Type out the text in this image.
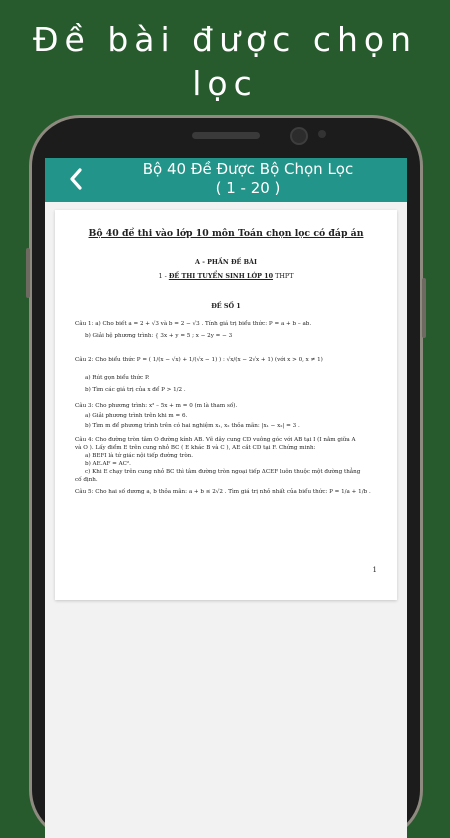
Đề bài được chọn
lọc
Bộ 40 Đề Được Bộ Chọn Lọc
( 1 - 20 )
Bộ 40 đề thi vào lớp 10 môn Toán chọn lọc có đáp án
A - PHẦN ĐỀ BÀI
1 - ĐỀ THI TUYỂN SINH LỚP 10 THPT
ĐỀ SỐ 1
Câu 1: a) Cho biết a = 2 + √3 và b = 2 − √3 . Tính giá trị biểu thức: P = a + b – ab.
b) Giải hệ phương trình: { 3x + y = 5 ; x − 2y = − 3
Câu 2: Cho biểu thức P = ( 1/(x − √x) + 1/(√x − 1) ) : √x/(x − 2√x + 1) (với x > 0, x ≠ 1)
a) Rút gọn biểu thức P.
b) Tìm các giá trị của x để P > 1/2 .
Câu 3: Cho phương trình: x² – 5x + m = 0 (m là tham số).
a) Giải phương trình trên khi m = 6.
b) Tìm m để phương trình trên có hai nghiệm x₁, x₂ thỏa mãn: |x₁ − x₂| = 3 .
Câu 4: Cho đường tròn tâm O đường kính AB. Vẽ dây cung CD vuông góc với AB tại I (I nằm giữa A
và O ). Lấy điểm E trên cung nhỏ BC ( E khác B và C ), AE cắt CD tại F. Chứng minh:
a) BEFI là tứ giác nội tiếp đường tròn.
b) AE.AF = AC².
c) Khi E chạy trên cung nhỏ BC thì tâm đường tròn ngoại tiếp ΔCEF luôn thuộc một đường thẳng
cố định.
Câu 5: Cho hai số dương a, b thỏa mãn: a + b ≤ 2√2 . Tìm giá trị nhỏ nhất của biểu thức: P = 1/a + 1/b .
1
